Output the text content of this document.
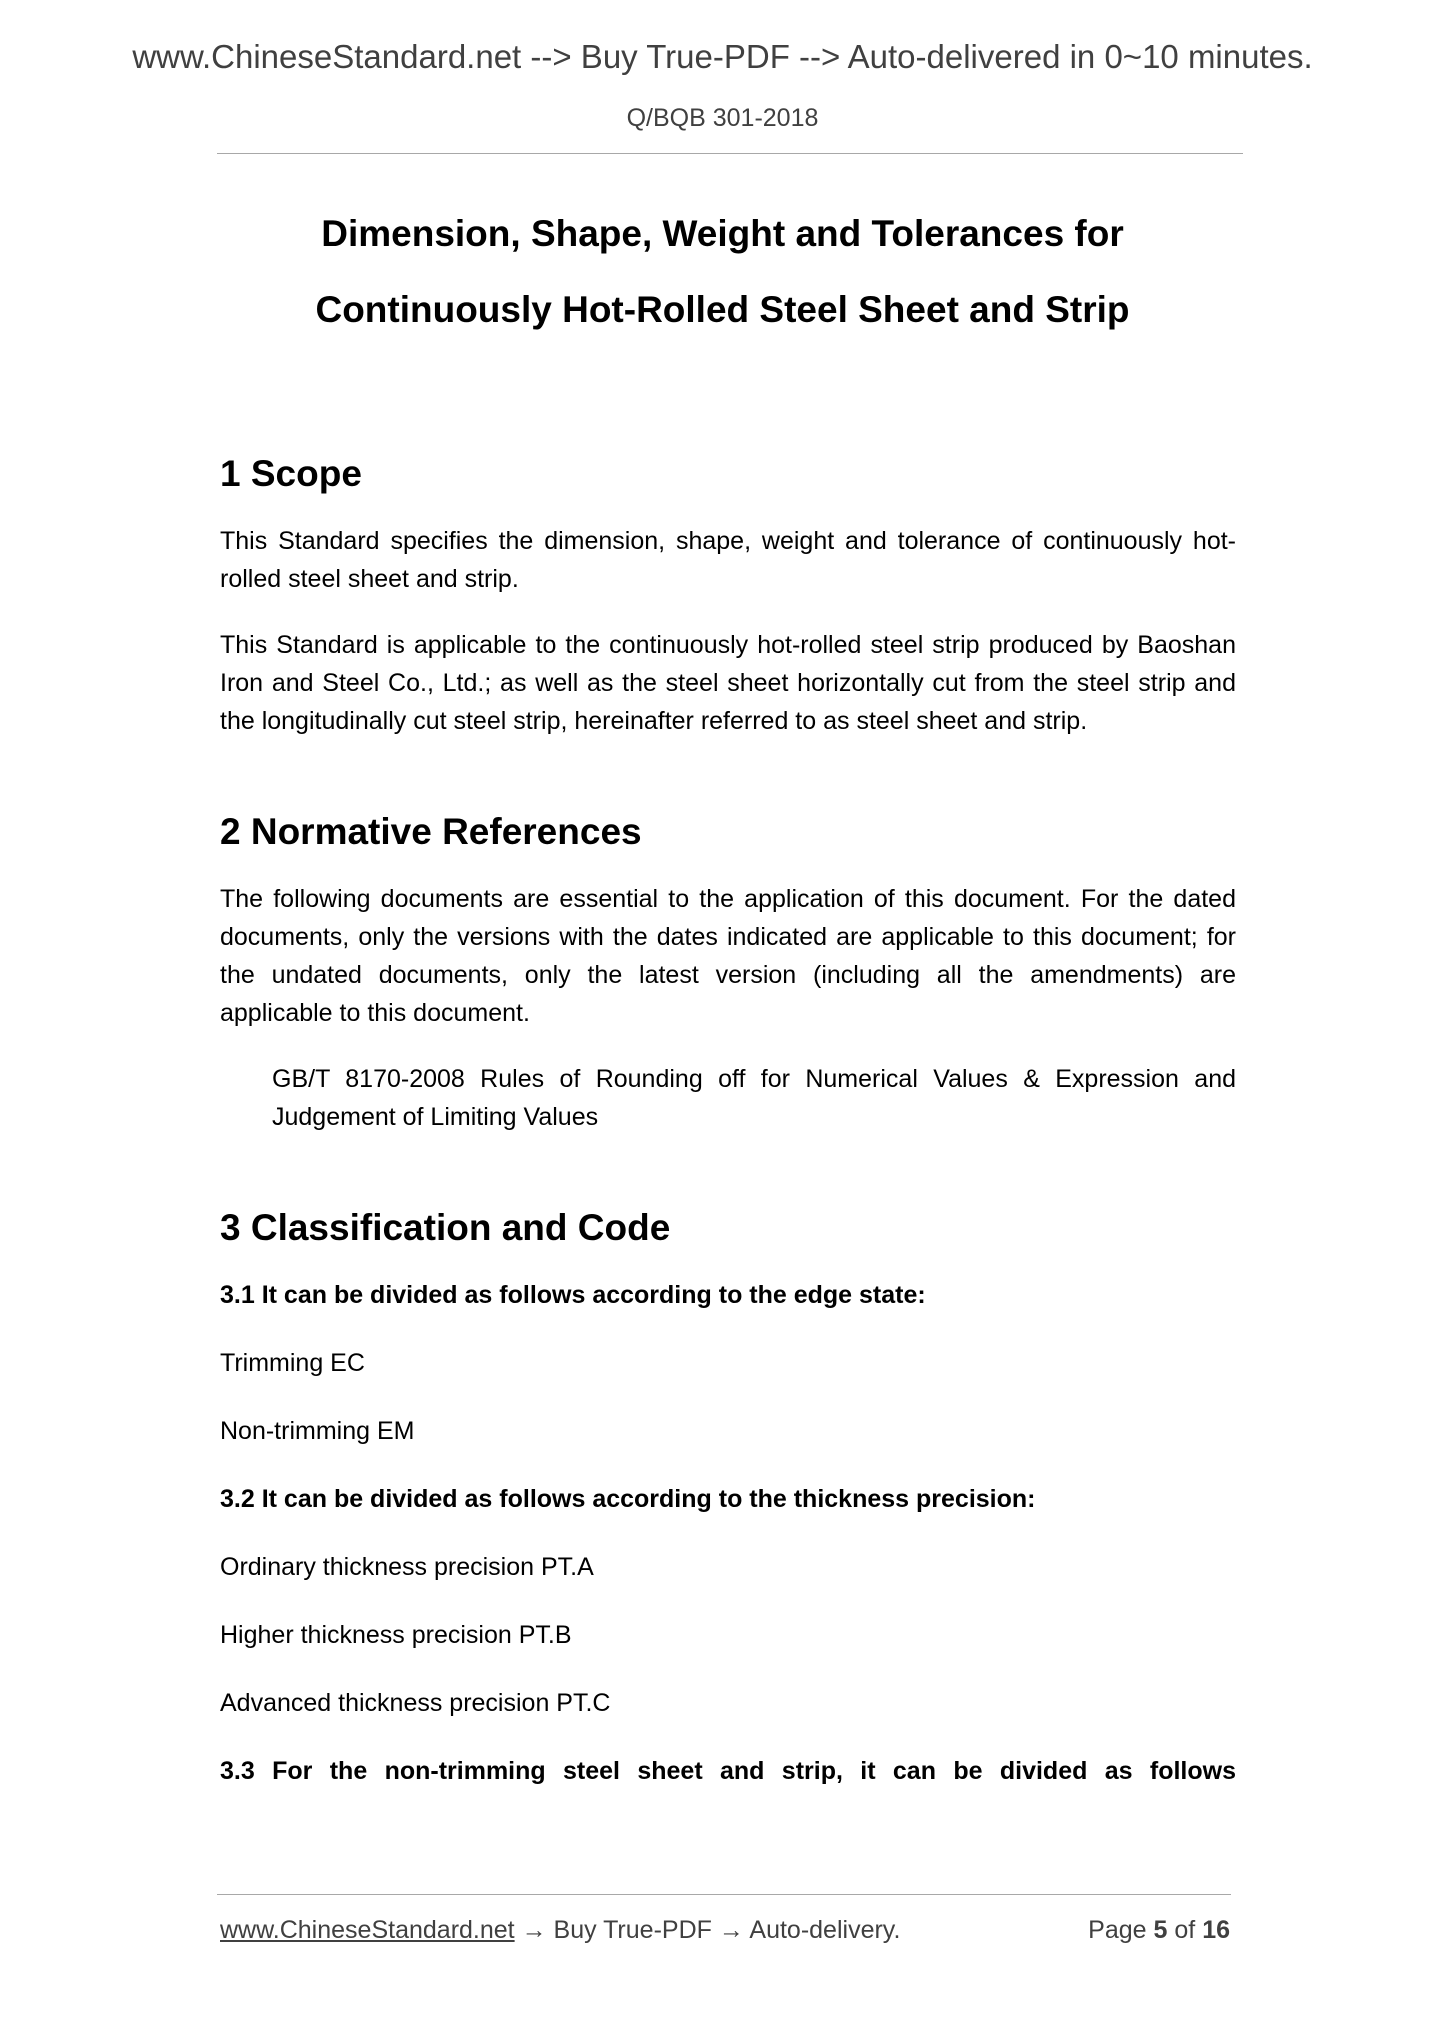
www.ChineseStandard.net --> Buy True-PDF --> Auto-delivered in 0~10 minutes.
Q/BQB 301-2018
Dimension, Shape, Weight and Tolerances for
Continuously Hot-Rolled Steel Sheet and Strip
1 Scope

This Standard specifies the dimension, shape, weight and tolerance of continuously hot-rolled steel sheet and strip.

This Standard is applicable to the continuously hot-rolled steel strip produced by Baoshan Iron and Steel Co., Ltd.; as well as the steel sheet horizontally cut from the steel strip and the longitudinally cut steel strip, hereinafter referred to as steel sheet and strip.

2 Normative References

The following documents are essential to the application of this document. For the dated documents, only the versions with the dates indicated are applicable to this document; for the undated documents, only the latest version (including all the amendments) are applicable to this document.

GB/T 8170-2008 Rules of Rounding off for Numerical Values & Expression and Judgement of Limiting Values

3 Classification and Code

3.1 It can be divided as follows according to the edge state:

Trimming EC

Non-trimming EM

3.2 It can be divided as follows according to the thickness precision:

Ordinary thickness precision PT.A

Higher thickness precision PT.B

Advanced thickness precision PT.C

3.3 For the non-trimming steel sheet and strip, it can be divided as follows

www.ChineseStandard.net → Buy True-PDF → Auto-delivery.	Page 5 of 16
